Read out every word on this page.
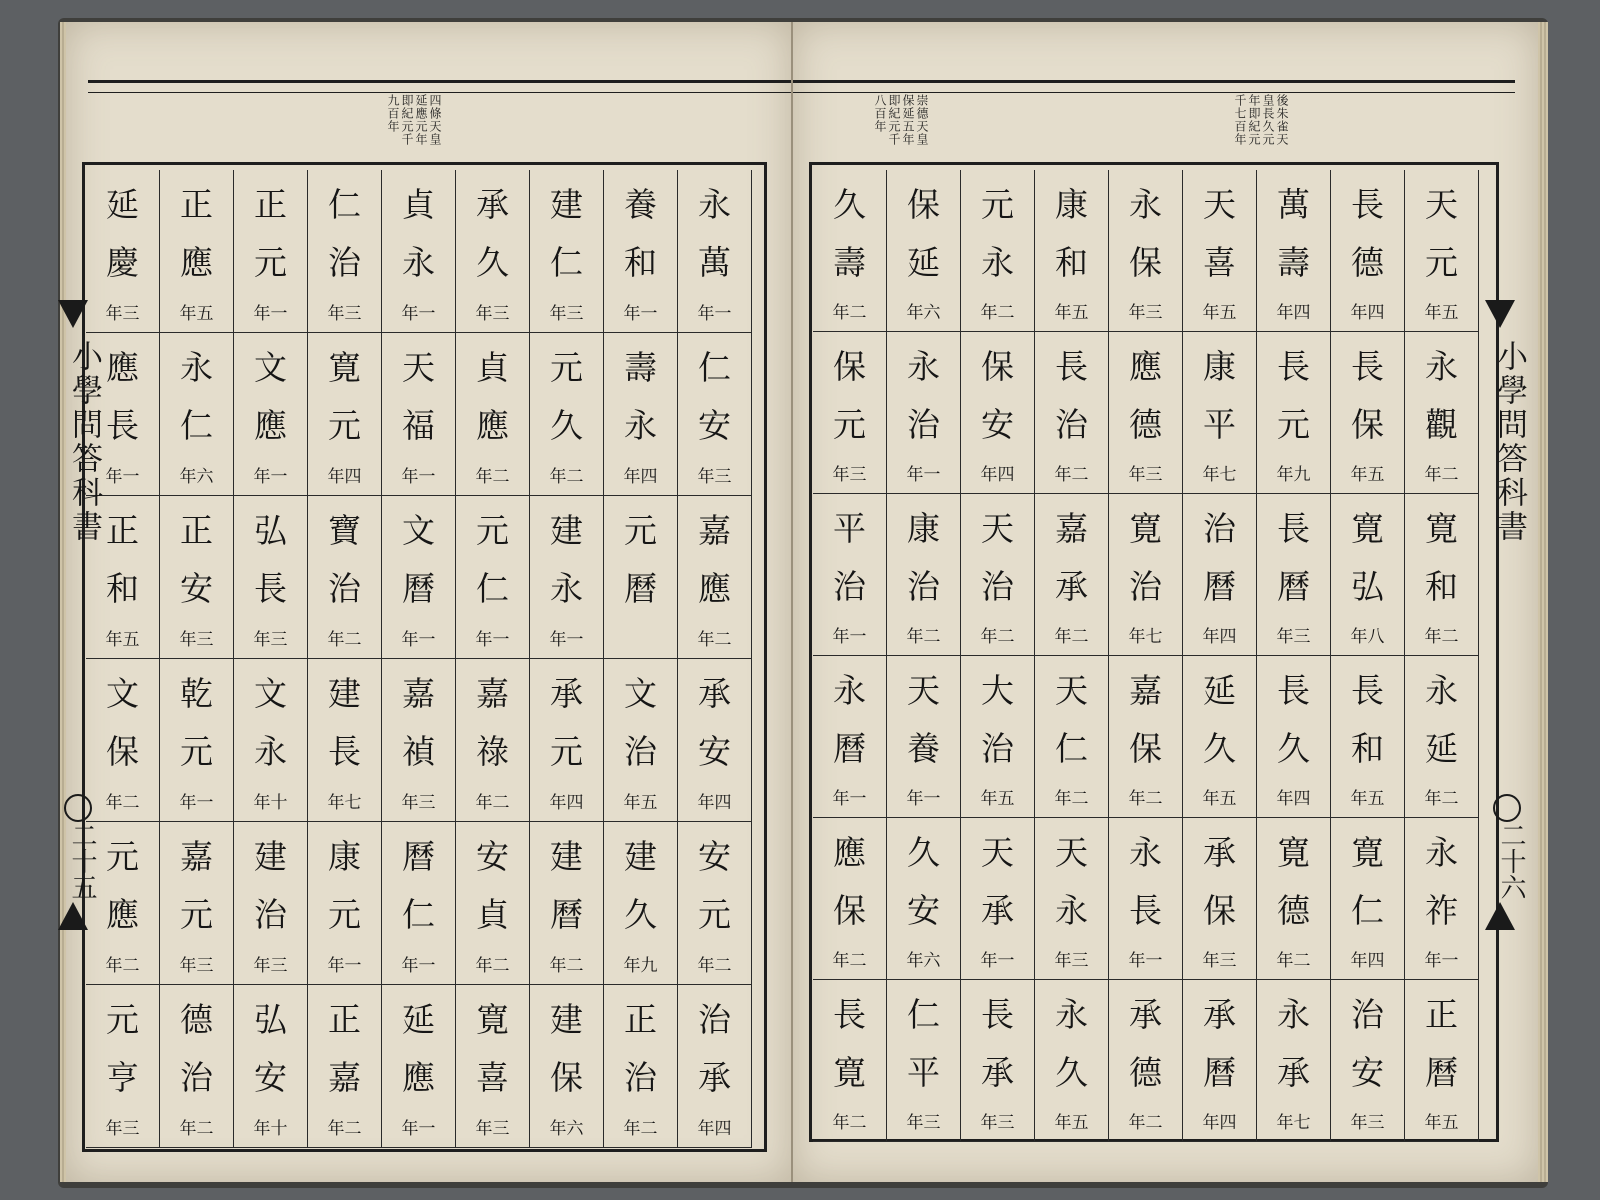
四條天皇　延應元年　即紀元千　九百年
永
萬
年一
仁
安
年三
嘉
應
年二
承
安
年四
安
元
年二
治
承
年四
養
和
年一
壽
永
年四
元
曆
文
治
年五
建
久
年九
正
治
年二
建
仁
年三
元
久
年二
建
永
年一
承
元
年四
建
曆
年二
建
保
年六
承
久
年三
貞
應
年二
元
仁
年一
嘉
祿
年二
安
貞
年二
寛
喜
年三
貞
永
年一
天
福
年一
文
曆
年一
嘉
禎
年三
曆
仁
年一
延
應
年一
仁
治
年三
寛
元
年四
寶
治
年二
建
長
年七
康
元
年一
正
嘉
年二
正
元
年一
文
應
年一
弘
長
年三
文
永
年十
建
治
年三
弘
安
年十
正
應
年五
永
仁
年六
正
安
年三
乾
元
年一
嘉
元
年三
德
治
年二
延
慶
年三
應
長
年一
正
和
年五
文
保
年二
元
應
年二
元
亨
年三
小學問答科書
二十五
後朱雀天　皇長久元　年即紀元　千七百年
崇德天皇　保延五年　即紀元千　八百年
天
元
年五
永
觀
年二
寛
和
年二
永
延
年二
永
祚
年一
正
曆
年五
長
德
年四
長
保
年五
寛
弘
年八
長
和
年五
寛
仁
年四
治
安
年三
萬
壽
年四
長
元
年九
長
曆
年三
長
久
年四
寛
德
年二
永
承
年七
天
喜
年五
康
平
年七
治
曆
年四
延
久
年五
承
保
年三
承
曆
年四
永
保
年三
應
德
年三
寛
治
年七
嘉
保
年二
永
長
年一
承
德
年二
康
和
年五
長
治
年二
嘉
承
年二
天
仁
年二
天
永
年三
永
久
年五
元
永
年二
保
安
年四
天
治
年二
大
治
年五
天
承
年一
長
承
年三
保
延
年六
永
治
年一
康
治
年二
天
養
年一
久
安
年六
仁
平
年三
久
壽
年二
保
元
年三
平
治
年一
永
曆
年一
應
保
年二
長
寛
年二
小學問答科書
二十六
